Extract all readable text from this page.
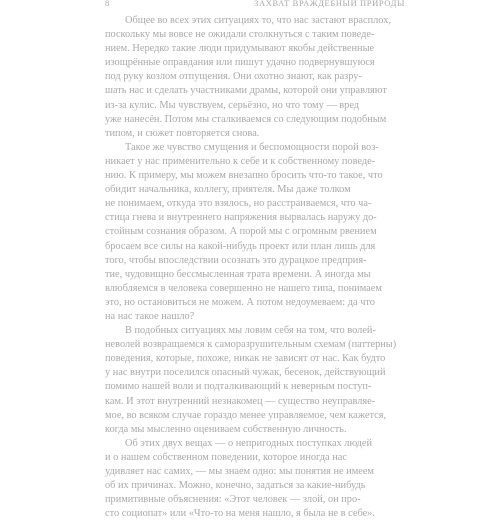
8	ЗАХВАТ ВРАЖДЕБНЫЙ ПРИРОДЫ
Общее во всех этих ситуациях то, что нас застают врасплох,
поскольку мы вовсе не ожидали столкнуться с таким поведе-
нием. Нередко такие люди придумывают якобы действенные
изощрённые оправдания или пишут удачно подвернувшуюся
под руку козлом отпущения. Они охотно знают, как разру-
шать нас и сделать участниками драмы, которой они управляют
из-за кулис. Мы чувствуем, серьёзно, но что тому — вред
уже нанесён. Потом мы сталкиваемся со следующим подобным
типом, и сюжет повторяется снова.
Такое же чувство смущения и беспомощности порой воз-
никает у нас применительно к себе и к собственному поведе-
нию. К примеру, мы можем внезапно бросить что-то такое, что
обидит начальника, коллегу, приятеля. Мы даже толком
не понимаем, откуда это взялось, но расстраиваемся, что ча-
стица гнева и внутреннего напряжения вырвалась наружу до-
стойным сознания образом. А порой мы с огромным рвением
бросаем все силы на какой-нибудь проект или план лишь для
того, чтобы впоследствии осознать это дурацкое предприя-
тие, чудовищно бессмысленная трата времени. А иногда мы
влюбляемся в человека совершенно не нашего типа, понимаем
это, но остановиться не можем. А потом недоумеваем: да что
на нас такое нашло?
В подобных ситуациях мы ловим себя на том, что волей-
неволей возвращаемся к саморазрушительным схемам (паттерны)
поведения, которые, похоже, никак не зависят от нас. Как будто
у нас внутри поселился опасный чужак, бесенок, действующий
помимо нашей воли и подталкивающий к неверным поступ-
кам. И этот внутренний незнакомец — существо неуправляе-
мое, во всяком случае гораздо менее управляемое, чем кажется,
когда мы мысленно оцениваем собственную личность.
Об этих двух вещах — о непригодных поступках людей
и о нашем собственном поведении, которое иногда нас
удивляет нас самих, — мы знаем одно: мы понятия не имеем
об их причинах. Можно, конечно, задаться за какие-нибудь
примитивные объяснения: «Этот человек — злой, он про-
сто социопат» или «Что-то на меня нашло, я была не в себе».
